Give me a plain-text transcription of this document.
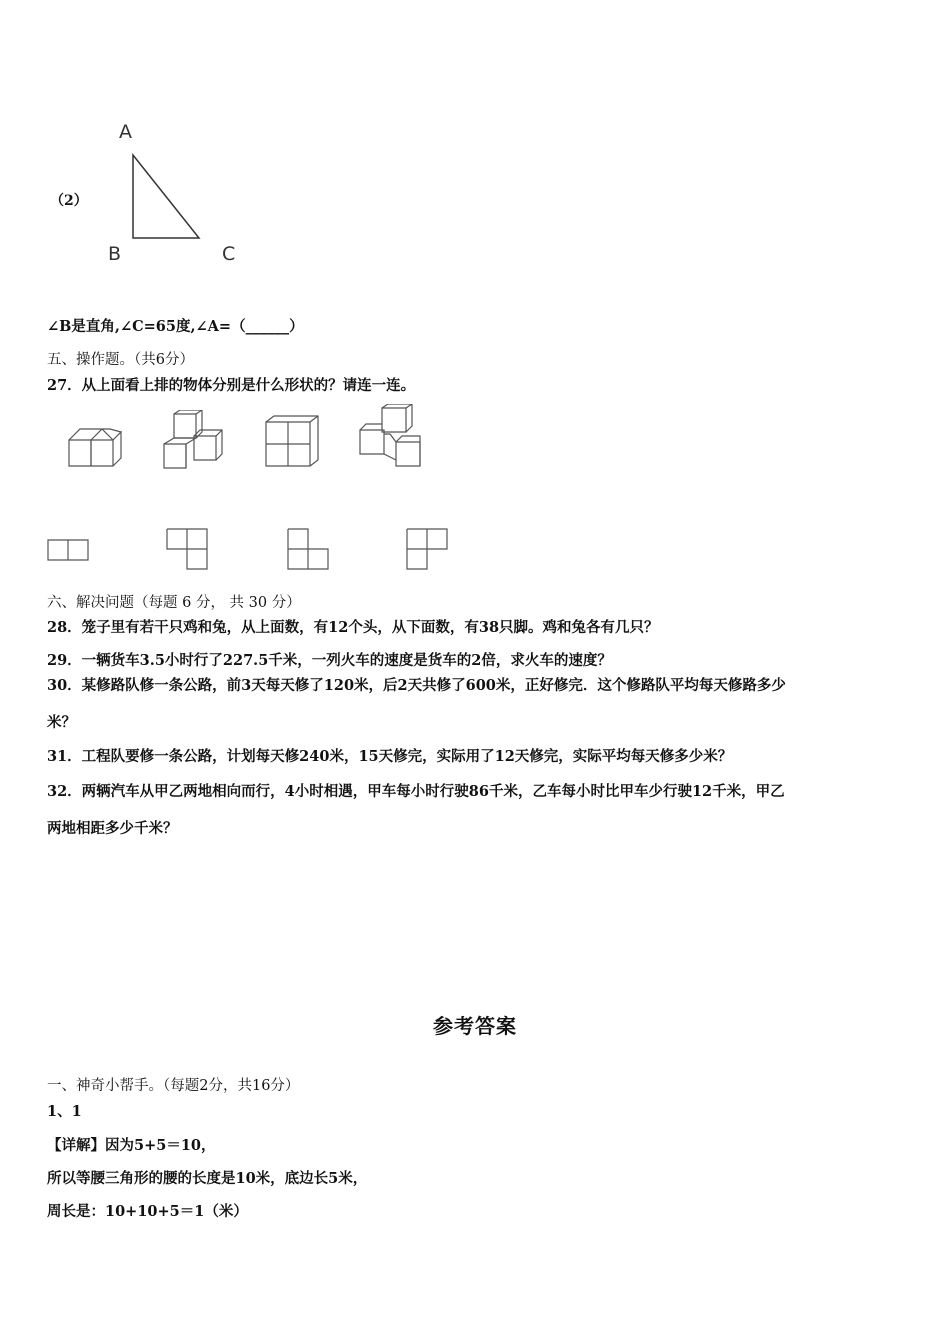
（2）
A
B	C
∠B是直角,∠C=65度,∠A=（______）
五、操作题。（共6分）
27．从上面看上排的物体分别是什么形状的？请连一连。
六、解决问题（每题 6 分， 共 30 分）
28．笼子里有若干只鸡和兔，从上面数，有12个头，从下面数，有38只脚。鸡和兔各有几只？
29．一辆货车3.5小时行了227.5千米，一列火车的速度是货车的2倍，求火车的速度？
30．某修路队修一条公路，前3天每天修了120米，后2天共修了600米，正好修完．这个修路队平均每天修路多少
米？
31．工程队要修一条公路，计划每天修240米，15天修完，实际用了12天修完，实际平均每天修多少米？
32．两辆汽车从甲乙两地相向而行，4小时相遇，甲车每小时行驶86千米，乙车每小时比甲车少行驶12千米，甲乙
两地相距多少千米？
参考答案
一、神奇小帮手。（每题2分，共16分）
1、1
【详解】因为5+5＝10，
所以等腰三角形的腰的长度是10米，底边长5米，
周长是：10+10+5＝1（米）
